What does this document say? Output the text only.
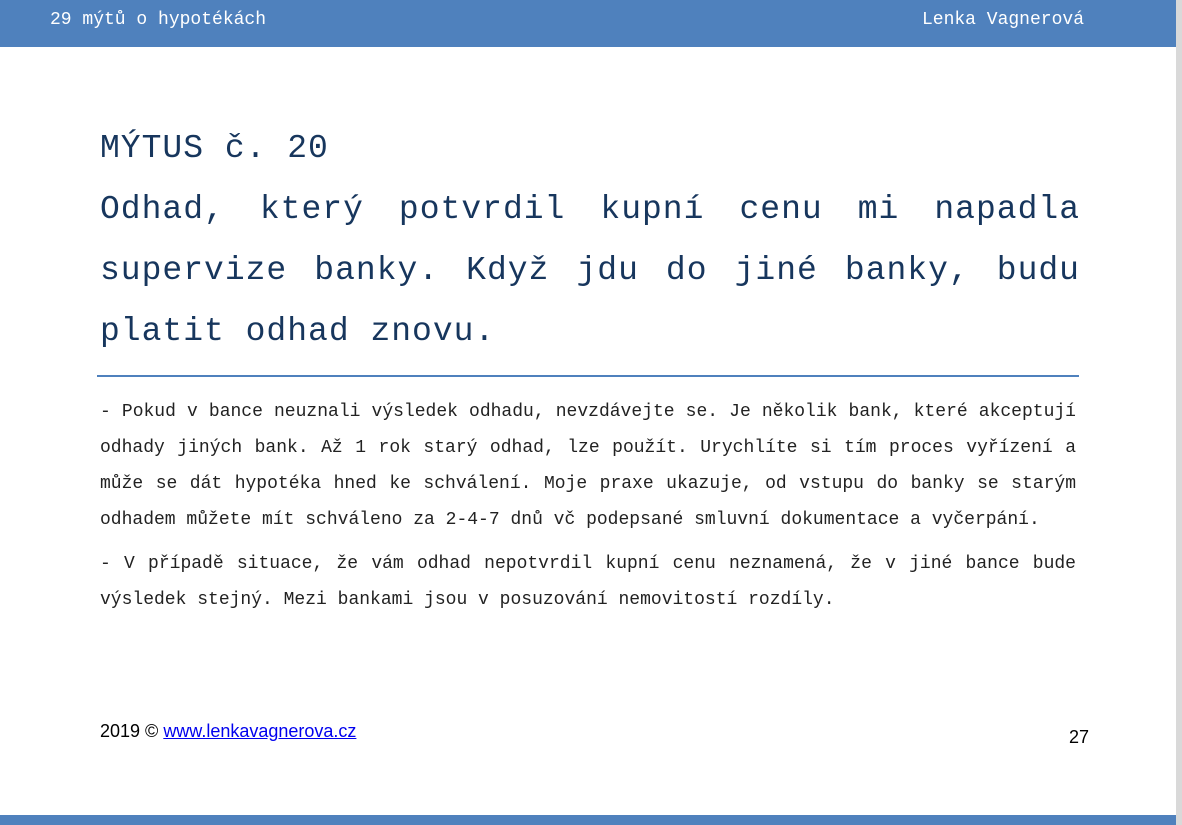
29 mýtů o hypotékách	Lenka Vagnerová
MÝTUS č. 20
Odhad, který potvrdil kupní cenu mi napadla supervize banky. Když jdu do jiné banky, budu platit odhad znovu.

- Pokud v bance neuznali výsledek odhadu, nevzdávejte se. Je několik bank, které akceptují odhady jiných bank. Až 1 rok starý odhad, lze použít. Urychlíte si tím proces vyřízení a může se dát hypotéka hned ke schválení. Moje praxe ukazuje, od vstupu do banky se starým odhadem můžete mít schváleno za 2-4-7 dnů vč podepsané smluvní dokumentace a vyčerpání.

- V případě situace, že vám odhad nepotvrdil kupní cenu neznamená, že v jiné bance bude výsledek stejný. Mezi bankami jsou v posuzování nemovitostí rozdíly.

2019 © www.lenkavagnerova.cz	27
